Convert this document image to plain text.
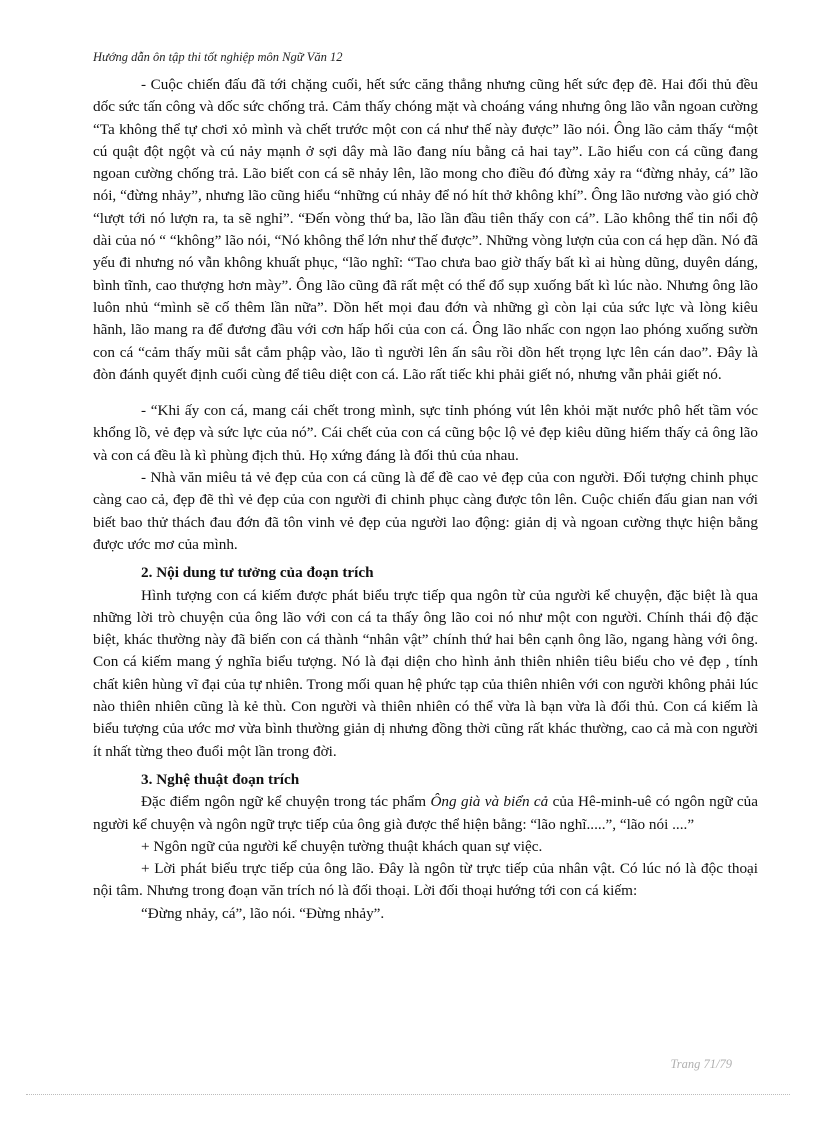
Hướng dẫn ôn tập thi tốt nghiệp môn Ngữ Văn 12

- Cuộc chiến đấu đã tới chặng cuối, hết sức căng thẳng nhưng cũng hết sức đẹp đẽ. Hai đối thủ đều dốc sức tấn công và dốc sức chống trả. Cảm thấy chóng mặt và choáng váng nhưng ông lão vẫn ngoan cường “Ta không thể tự chơi xỏ mình và chết trước một con cá như thế này được” lão nói. Ông lão cảm thấy “một cú quật đột ngột và cú nảy mạnh ở sợi dây mà lão đang níu bằng cả hai tay”. Lão hiểu con cá cũng đang ngoan cường chống trả. Lão biết con cá sẽ nhảy lên, lão mong cho điều đó đừng xảy ra “đừng nhảy, cá” lão nói, “đừng nhảy”, nhưng lão cũng hiểu “những cú nhảy để nó hít thở không khí”. Ông lão nương vào gió chờ “lượt tới nó lượn ra, ta sẽ nghỉ”. “Đến vòng thứ ba, lão lần đầu tiên thấy con cá”. Lão không thể tin nổi độ dài của nó “ “không” lão nói, “Nó không thể lớn như thế được”. Những vòng lượn của con cá hẹp dần. Nó đã yếu đi nhưng nó vẫn không khuất phục, “lão nghĩ: “Tao chưa bao giờ thấy bất kì ai hùng dũng, duyên dáng, bình tĩnh, cao thượng hơn mày”. Ông lão cũng đã rất mệt có thể đổ sụp xuống bất kì lúc nào. Nhưng ông lão luôn nhủ “mình sẽ cố thêm lần nữa”. Dồn hết mọi đau đớn và những gì còn lại của sức lực và lòng kiêu hãnh, lão mang ra để đương đầu với cơn hấp hối của con cá. Ông lão nhấc con ngọn lao phóng xuống sườn con cá “cảm thấy mũi sắt cắm phập vào, lão tì người lên ấn sâu rồi dồn hết trọng lực lên cán dao”. Đây là đòn đánh quyết định cuối cùng để tiêu diệt con cá. Lão rất tiếc khi phải giết nó, nhưng vẫn phải giết nó.

- “Khi ấy con cá, mang cái chết trong mình, sực tỉnh phóng vút lên khỏi mặt nước phô hết tầm vóc khổng lồ, vẻ đẹp và sức lực của nó”. Cái chết của con cá cũng bộc lộ vẻ đẹp kiêu dũng hiếm thấy cả ông lão và con cá đều là kì phùng địch thủ. Họ xứng đáng là đối thủ của nhau.

- Nhà văn miêu tả vẻ đẹp của con cá cũng là để đề cao vẻ đẹp của con người. Đối tượng chinh phục càng cao cả, đẹp đẽ thì vẻ đẹp của con người đi chinh phục càng được tôn lên. Cuộc chiến đấu gian nan với biết bao thử thách đau đớn đã tôn vinh vẻ đẹp của người lao động: giản dị và ngoan cường thực hiện bằng được ước mơ của mình.

2. Nội dung tư tưởng của đoạn trích

Hình tượng con cá kiếm được phát biểu trực tiếp qua ngôn từ của người kể chuyện, đặc biệt là qua những lời trò chuyện của ông lão với con cá ta thấy ông lão coi nó như một con người. Chính thái độ đặc biệt, khác thường này đã biến con cá thành “nhân vật” chính thứ hai bên cạnh ông lão, ngang hàng với ông. Con cá kiếm mang ý nghĩa biểu tượng. Nó là đại diện cho hình ảnh thiên nhiên tiêu biểu cho vẻ đẹp , tính chất kiên hùng vĩ đại của tự nhiên. Trong mối quan hệ phức tạp của thiên nhiên với con người không phải lúc nào thiên nhiên cũng là kẻ thù. Con người và thiên nhiên có thể vừa là bạn vừa là đối thủ. Con cá kiếm là biểu tượng của ước mơ vừa bình thường giản dị nhưng đồng thời cũng rất khác thường, cao cả mà con người ít nhất từng theo đuổi một lần trong đời.

3. Nghệ thuật đoạn trích

Đặc điểm ngôn ngữ kể chuyện trong tác phẩm Ông già và biển cả của Hê-minh-uê có ngôn ngữ của người kể chuyện và ngôn ngữ trực tiếp của ông già được thể hiện bằng: “lão nghĩ.....”, “lão nói ....”

+ Ngôn ngữ của người kể chuyện tường thuật khách quan sự việc.

+ Lời phát biểu trực tiếp của ông lão. Đây là ngôn từ trực tiếp của nhân vật. Có lúc nó là độc thoại nội tâm. Nhưng trong đoạn văn trích nó là đối thoại. Lời đối thoại hướng tới con cá kiếm:

“Đừng nhảy, cá”, lão nói. “Đừng nhảy”.

Trang 71/79
